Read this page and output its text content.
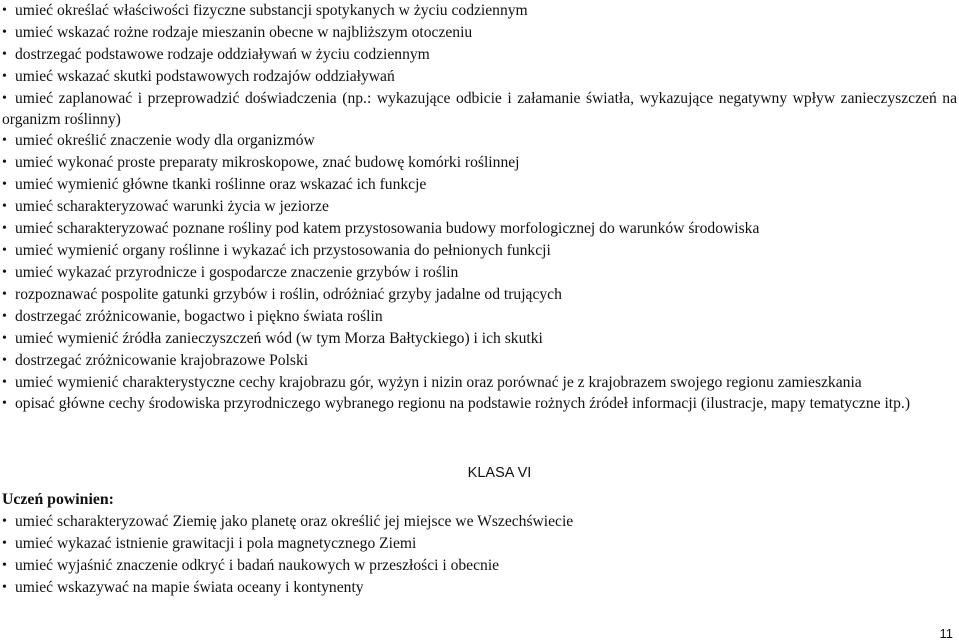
• umieć określać właściwości fizyczne substancji spotykanych w życiu codziennym
• umieć wskazać rożne rodzaje mieszanin obecne w najbliższym otoczeniu
• dostrzegać podstawowe rodzaje oddziaływań w życiu codziennym
• umieć wskazać skutki podstawowych rodzajów oddziaływań
• umieć zaplanować i przeprowadzić doświadczenia (np.: wykazujące odbicie i załamanie światła, wykazujące negatywny wpływ zanieczyszczeń na organizm roślinny)
• umieć określić znaczenie wody dla organizmów
• umieć wykonać proste preparaty mikroskopowe, znać budowę komórki roślinnej
• umieć wymienić główne tkanki roślinne oraz wskazać ich funkcje
• umieć scharakteryzować warunki życia w jeziorze
• umieć scharakteryzować poznane rośliny pod katem przystosowania budowy morfologicznej do warunków środowiska
• umieć wymienić organy roślinne i wykazać ich przystosowania do pełnionych funkcji
• umieć wykazać przyrodnicze i gospodarcze znaczenie grzybów i roślin
• rozpoznawać pospolite gatunki grzybów i roślin, odróżniać grzyby jadalne od trujących
• dostrzegać zróżnicowanie, bogactwo i piękno świata roślin
• umieć wymienić źródła zanieczyszczeń wód (w tym Morza Bałtyckiego) i ich skutki
• dostrzegać zróżnicowanie krajobrazowe Polski
• umieć wymienić charakterystyczne cechy krajobrazu gór, wyżyn i nizin oraz porównać je z krajobrazem swojego regionu zamieszkania
• opisać główne cechy środowiska przyrodniczego wybranego regionu na podstawie rożnych źródeł informacji (ilustracje, mapy tematyczne itp.)
KLASA VI
Uczeń powinien:
• umieć scharakteryzować Ziemię jako planetę oraz określić jej miejsce we Wszechświecie
• umieć wykazać istnienie grawitacji i pola magnetycznego Ziemi
• umieć wyjaśnić znaczenie odkryć i badań naukowych w przeszłości i obecnie
• umieć wskazywać na mapie świata oceany i kontynenty
11
